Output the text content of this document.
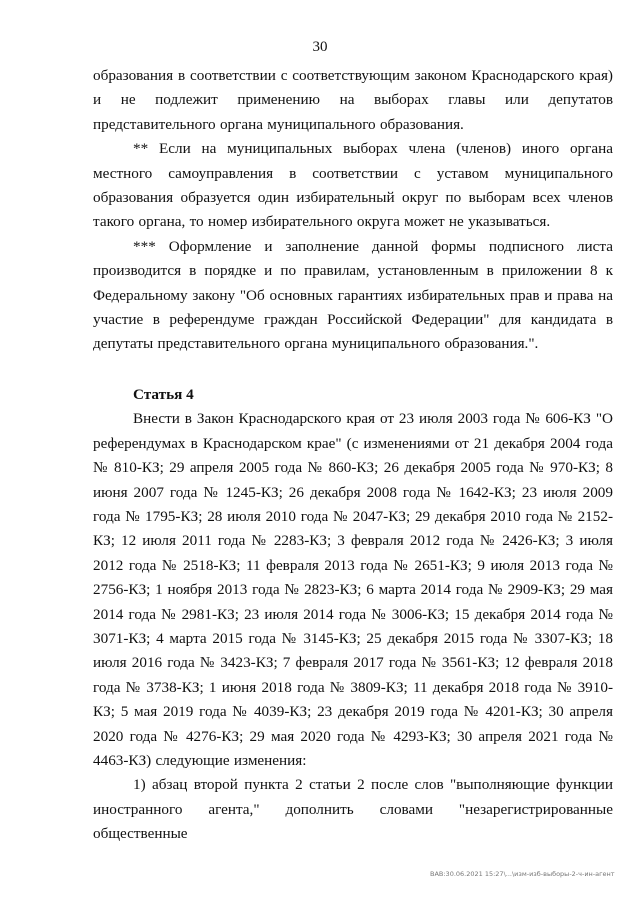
30

образования в соответствии с соответствующим законом Краснодарского края) и не подлежит применению на выборах главы или депутатов представительного органа муниципального образования.

** Если на муниципальных выборах члена (членов) иного органа местного самоуправления в соответствии с уставом муниципального образования образуется один избирательный округ по выборам всех членов такого органа, то номер избирательного округа может не указываться.

*** Оформление и заполнение данной формы подписного листа производится в порядке и по правилам, установленным в приложении 8 к Федеральному закону "Об основных гарантиях избирательных прав и права на участие в референдуме граждан Российской Федерации" для кандидата в депутаты представительного органа муниципального образования.".

Статья 4

Внести в Закон Краснодарского края от 23 июля 2003 года № 606-КЗ "О референдумах в Краснодарском крае" (с изменениями от 21 декабря 2004 года № 810-КЗ; 29 апреля 2005 года № 860-КЗ; 26 декабря 2005 года № 970-КЗ; 8 июня 2007 года № 1245-КЗ; 26 декабря 2008 года № 1642-КЗ; 23 июля 2009 года № 1795-КЗ; 28 июля 2010 года № 2047-КЗ; 29 декабря 2010 года № 2152-КЗ; 12 июля 2011 года № 2283-КЗ; 3 февраля 2012 года № 2426-КЗ; 3 июля 2012 года № 2518-КЗ; 11 февраля 2013 года № 2651-КЗ; 9 июля 2013 года № 2756-КЗ; 1 ноября 2013 года № 2823-КЗ; 6 марта 2014 года № 2909-КЗ; 29 мая 2014 года № 2981-КЗ; 23 июля 2014 года № 3006-КЗ; 15 декабря 2014 года № 3071-КЗ; 4 марта 2015 года № 3145-КЗ; 25 декабря 2015 года № 3307-КЗ; 18 июля 2016 года № 3423-КЗ; 7 февраля 2017 года № 3561-КЗ; 12 февраля 2018 года № 3738-КЗ; 1 июня 2018 года № 3809-КЗ; 11 декабря 2018 года № 3910-КЗ; 5 мая 2019 года № 4039-КЗ; 23 декабря 2019 года № 4201-КЗ; 30 апреля 2020 года № 4276-КЗ; 29 мая 2020 года № 4293-КЗ; 30 апреля 2021 года № 4463-КЗ) следующие изменения:

1) абзац второй пункта 2 статьи 2 после слов "выполняющие функции иностранного агента," дополнить словами "незарегистрированные общественные

ВАВ:30.06.2021 15:27\...\изм-изб-выборы-2-ч-ин-агент
